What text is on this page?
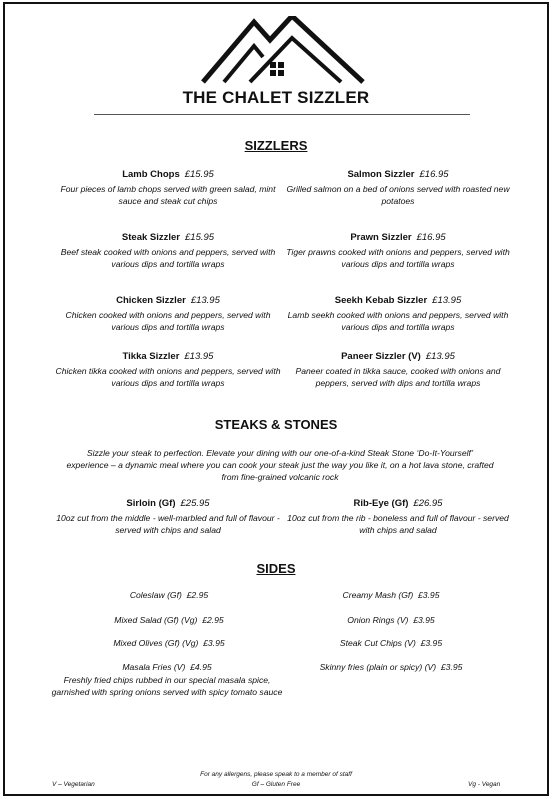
THE CHALET SIZZLER
SIZZLERS
Lamb Chops £15.95
Four pieces of lamb chops served with green salad, mint sauce and steak cut chips
Salmon Sizzler £16.95
Grilled salmon on a bed of onions served with roasted new potatoes
Steak Sizzler £15.95
Beef steak cooked with onions and peppers, served with various dips and tortilla wraps
Prawn Sizzler £16.95
Tiger prawns cooked with onions and peppers, served with various dips and tortilla wraps
Chicken Sizzler £13.95
Chicken cooked with onions and peppers, served with various dips and tortilla wraps
Seekh Kebab Sizzler £13.95
Lamb seekh cooked with onions and peppers, served with various dips and tortilla wraps
Tikka Sizzler £13.95
Chicken tikka cooked with onions and peppers, served with various dips and tortilla wraps
Paneer Sizzler (V) £13.95
Paneer coated in tikka sauce, cooked with onions and peppers, served with dips and tortilla wraps
STEAKS & STONES
Sizzle your steak to perfection. Elevate your dining with our one-of-a-kind Steak Stone ‘Do-It-Yourself’ experience – a dynamic meal where you can cook your steak just the way you like it, on a hot lava stone, crafted from fine-grained volcanic rock
Sirloin (Gf) £25.95
10oz cut from the middle - well-marbled and full of flavour - served with chips and salad
Rib-Eye (Gf) £26.95
10oz cut from the rib - boneless and full of flavour - served with chips and salad
SIDES
Coleslaw (Gf) £2.95	Creamy Mash (Gf) £3.95
Mixed Salad (Gf) (Vg) £2.95	Onion Rings (V) £3.95
Mixed Olives (Gf) (Vg) £3.95	Steak Cut Chips (V) £3.95
Masala Fries (V) £4.95
Freshly fried chips rubbed in our special masala spice, garnished with spring onions served with spicy tomato sauce
Skinny fries (plain or spicy) (V) £3.95
For any allergens, please speak to a member of staff
Gf – Gluten Free
V – Vegetarian	Vg - Vegan
